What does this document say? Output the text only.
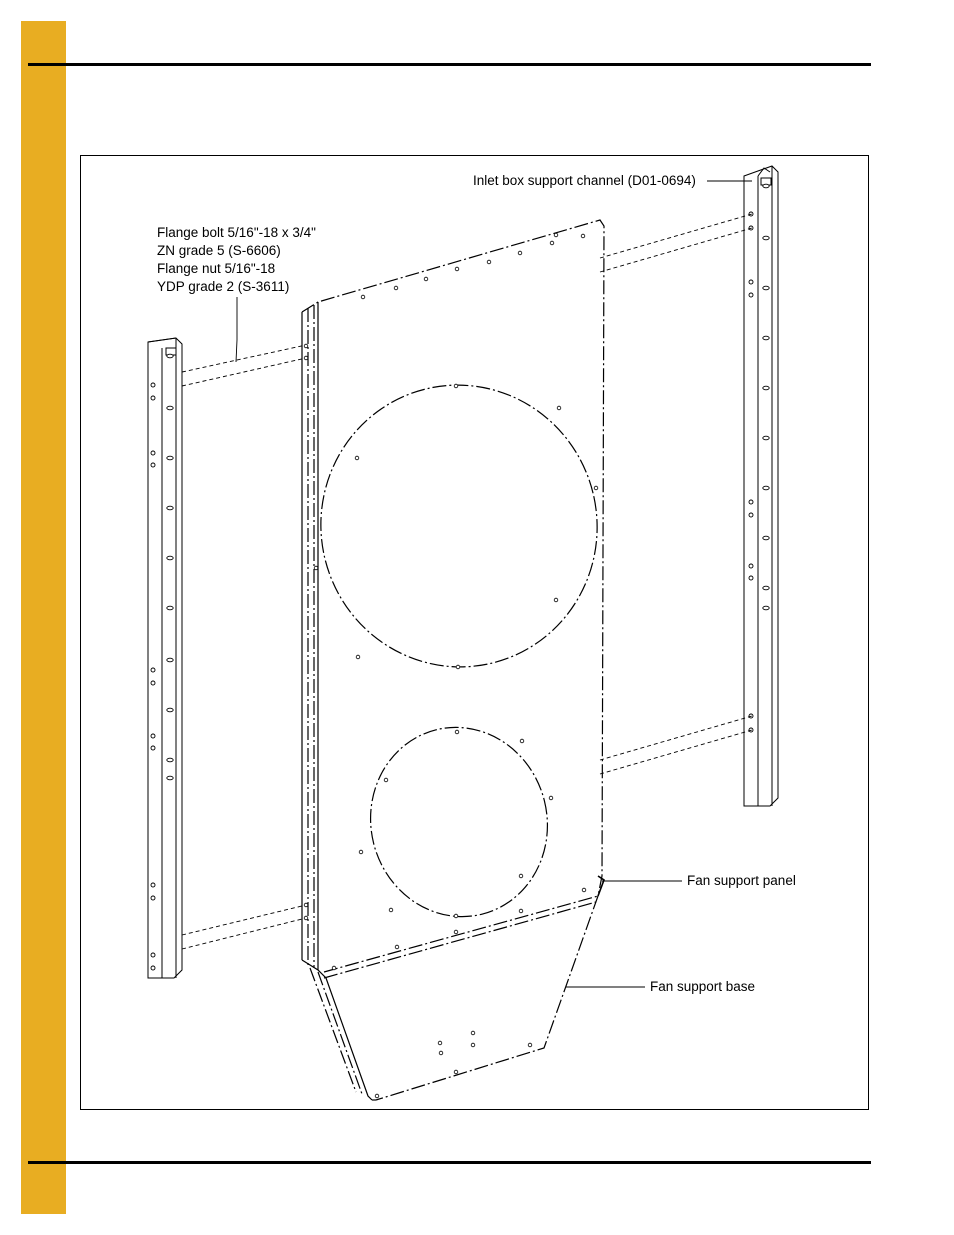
Inlet box support channel (D01-0694)
Flange bolt 5/16"-18 x 3/4"
ZN grade 5 (S-6606)
Flange nut 5/16"-18
YDP grade 2 (S-3611)
Fan support panel
Fan support base
